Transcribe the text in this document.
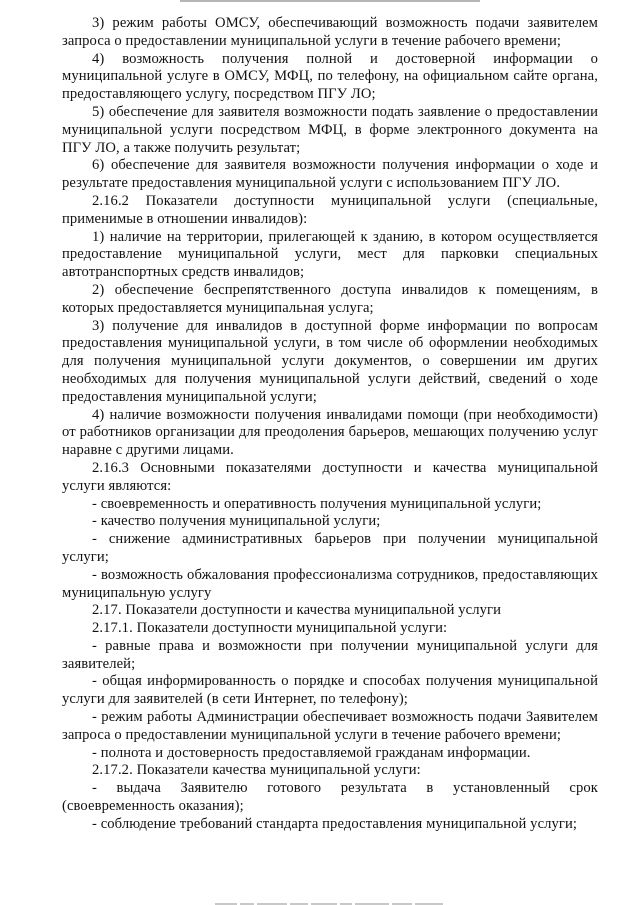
3) режим работы ОМСУ, обеспечивающий возможность подачи заявителем запроса о предоставлении муниципальной услуги в течение рабочего времени;

4) возможность получения полной и достоверной информации о муниципальной услуге в ОМСУ, МФЦ, по телефону, на официальном сайте органа, предоставляющего услугу, посредством ПГУ ЛО;

5) обеспечение для заявителя возможности подать заявление о предоставлении муниципальной услуги посредством МФЦ, в форме электронного документа на ПГУ ЛО, а также получить результат;

6) обеспечение для заявителя возможности получения информации о ходе и результате предоставления муниципальной услуги с использованием ПГУ ЛО.

2.16.2 Показатели доступности муниципальной услуги (специальные, применимые в отношении инвалидов):

1) наличие на территории, прилегающей к зданию, в котором осуществляется предоставление муниципальной услуги, мест для парковки специальных автотранспортных средств инвалидов;

2) обеспечение беспрепятственного доступа инвалидов к помещениям, в которых предоставляется муниципальная услуга;

3) получение для инвалидов в доступной форме информации по вопросам предоставления муниципальной услуги, в том числе об оформлении необходимых для получения муниципальной услуги документов, о совершении им других необходимых для получения муниципальной услуги действий, сведений о ходе предоставления муниципальной услуги;

4) наличие возможности получения инвалидами помощи (при необходимости) от работников организации для преодоления барьеров, мешающих получению услуг наравне с другими лицами.

2.16.3 Основными показателями доступности и качества муниципальной услуги являются:

- своевременность и оперативность получения муниципальной услуги;

- качество получения муниципальной услуги;

- снижение административных барьеров при получении муниципальной услуги;

- возможность обжалования профессионализма сотрудников, предоставляющих муниципальную услугу

2.17. Показатели доступности и качества муниципальной услуги

2.17.1. Показатели доступности муниципальной услуги:

- равные права и возможности при получении муниципальной услуги для заявителей;

- общая информированность о порядке и способах получения муниципальной услуги для заявителей (в сети Интернет, по телефону);

- режим работы Администрации обеспечивает возможность подачи Заявителем запроса о предоставлении муниципальной услуги в течение рабочего времени;

- полнота и достоверность предоставляемой гражданам информации.

2.17.2. Показатели качества муниципальной услуги:

- выдача Заявителю готового результата в установленный срок (своевременность оказания);

- соблюдение требований стандарта предоставления муниципальной услуги;
